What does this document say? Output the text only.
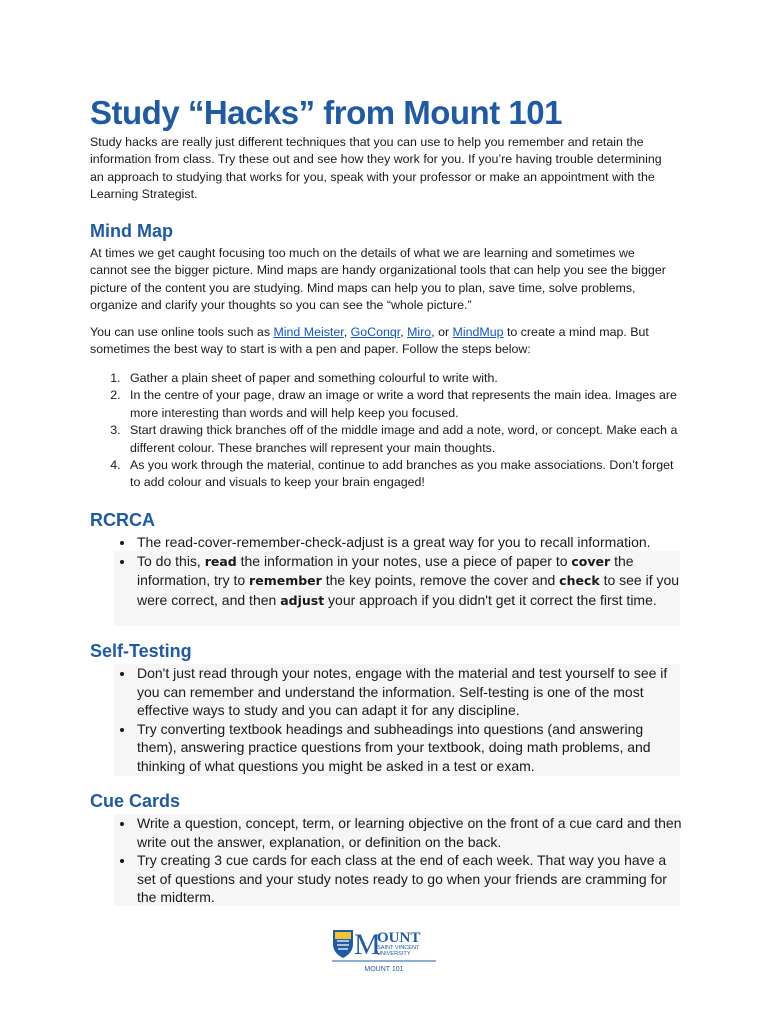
Study “Hacks” from Mount 101

Study hacks are really just different techniques that you can use to help you remember and retain the information from class. Try these out and see how they work for you. If you’re having trouble determining an approach to studying that works for you, speak with your professor or make an appointment with the Learning Strategist.

Mind Map

At times we get caught focusing too much on the details of what we are learning and sometimes we cannot see the bigger picture. Mind maps are handy organizational tools that can help you see the bigger picture of the content you are studying. Mind maps can help you to plan, save time, solve problems, organize and clarify your thoughts so you can see the “whole picture.”

You can use online tools such as Mind Meister, GoConqr, Miro, or MindMup to create a mind map. But sometimes the best way to start is with a pen and paper. Follow the steps below:

1. Gather a plain sheet of paper and something colourful to write with.
2. In the centre of your page, draw an image or write a word that represents the main idea. Images are more interesting than words and will help keep you focused.
3. Start drawing thick branches off of the middle image and add a note, word, or concept. Make each a different colour. These branches will represent your main thoughts.
4. As you work through the material, continue to add branches as you make associations. Don’t forget to add colour and visuals to keep your brain engaged!
RCRCA
• The read-cover-remember-check-adjust is a great way for you to recall information.
• To do this, read the information in your notes, use a piece of paper to cover the information, try to remember the key points, remove the cover and check to see if you were correct, and then adjust your approach if you didn't get it correct the first time.
Self-Testing
• Don't just read through your notes, engage with the material and test yourself to see if you can remember and understand the information. Self-testing is one of the most effective ways to study and you can adapt it for any discipline.
• Try converting textbook headings and subheadings into questions (and answering them), answering practice questions from your textbook, doing math problems, and thinking of what questions you might be asked in a test or exam.
Cue Cards
• Write a question, concept, term, or learning objective on the front of a cue card and then write out the answer, explanation, or definition on the back.
• Try creating 3 cue cards for each class at the end of each week. That way you have a set of questions and your study notes ready to go when your friends are cramming for the midterm.
M
OUNT
SAINT VINCENT
UNIVERSITY
MOUNT 101
